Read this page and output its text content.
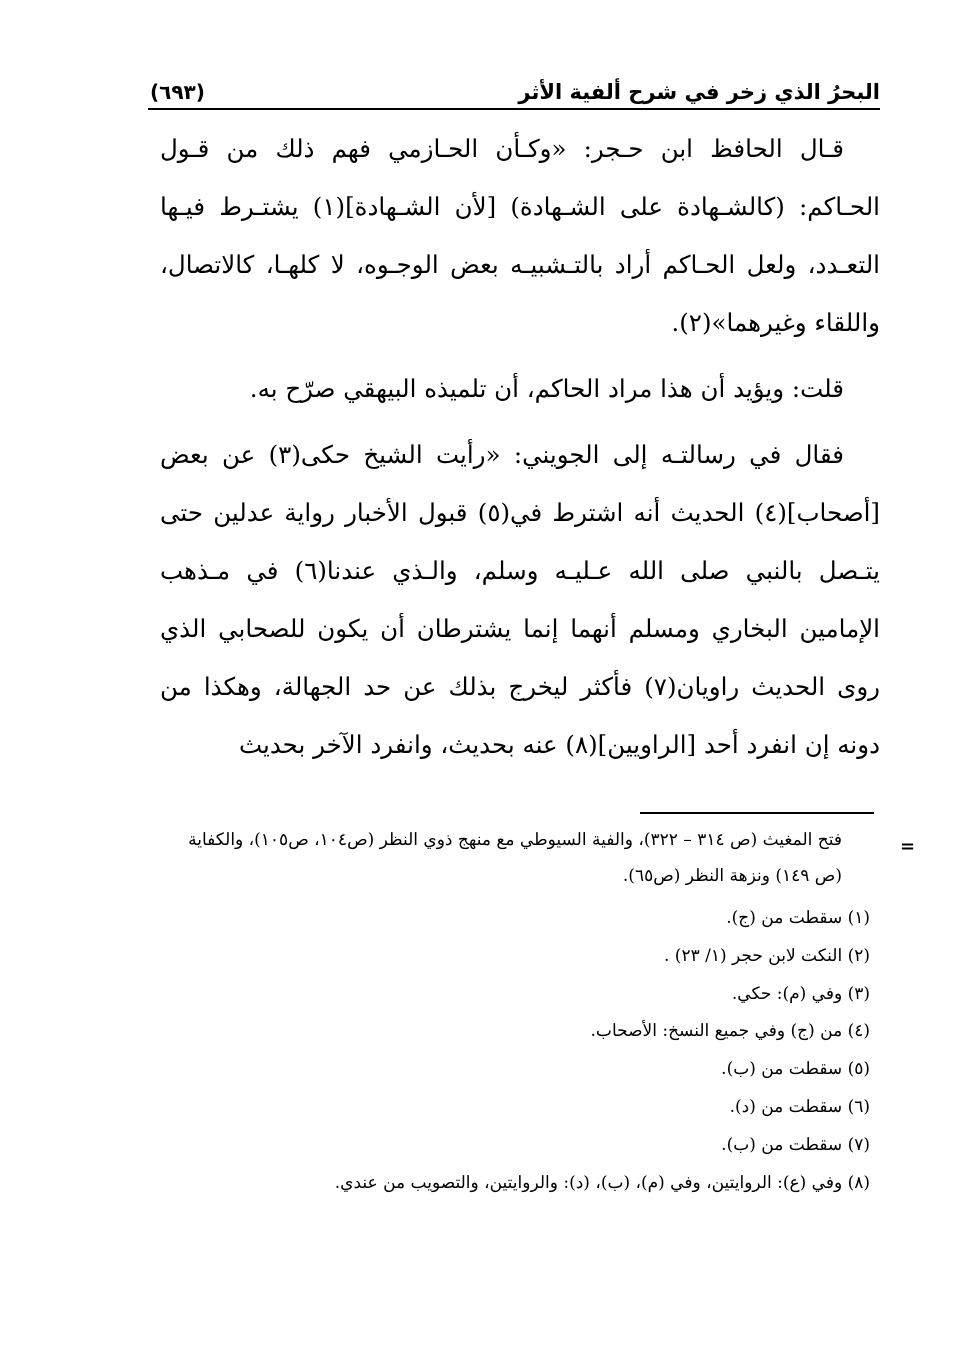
البحرُ الذي زخر في شرح ألفية الأثر
(٦٩٣)

قـال الحافظ ابن حـجر: «وكـأن الحـازمي فهم ذلك من قـول الحـاكم: (كالشـهادة على الشـهادة) [لأن الشـهادة](١) يشتـرط فيـها التعـدد، ولعل الحـاكم أراد بالتـشبيـه بعض الوجـوه، لا كلهـا، كالاتصال، واللقاء وغيرهما»(٢).

قلت: ويؤيد أن هذا مراد الحاكم، أن تلميذه البيهقي صرّح به.

فقال في رسالتـه إلى الجويني: «رأيت الشيخ حكى(٣) عن بعض [أصحاب](٤) الحديث أنه اشترط في(٥) قبول الأخبار رواية عدلين حتى يتـصل بالنبي صلى الله عـليـه وسلم، والـذي عندنا(٦) في مـذهب الإمامين البخاري ومسلم أنهما إنما يشترطان أن يكون للصحابي الذي روى الحديث راويان(٧) فأكثر ليخرج بذلك عن حد الجهالة، وهكذا من دونه إن انفرد أحد [الراويين](٨) عنه بحديث، وانفرد الآخر بحديث

=

فتح المغيث (ص ٣١٤ – ٣٢٢)، والفية السيوطي مع منهج ذوي النظر (ص١٠٤، ص١٠٥)، والكفاية (ص ١٤٩) ونزهة النظر (ص٦٥).

(١) سقطت من (ج).
(٢) النكت لابن حجر (١/ ٢٣) .
(٣) وفي (م): حكي.
(٤) من (ج) وفي جميع النسخ: الأصحاب.
(٥) سقطت من (ب).
(٦) سقطت من (د).
(٧) سقطت من (ب).
(٨) وفي (ع): الروايتين، وفي (م)، (ب)، (د): والروايتين، والتصويب من عندي.
